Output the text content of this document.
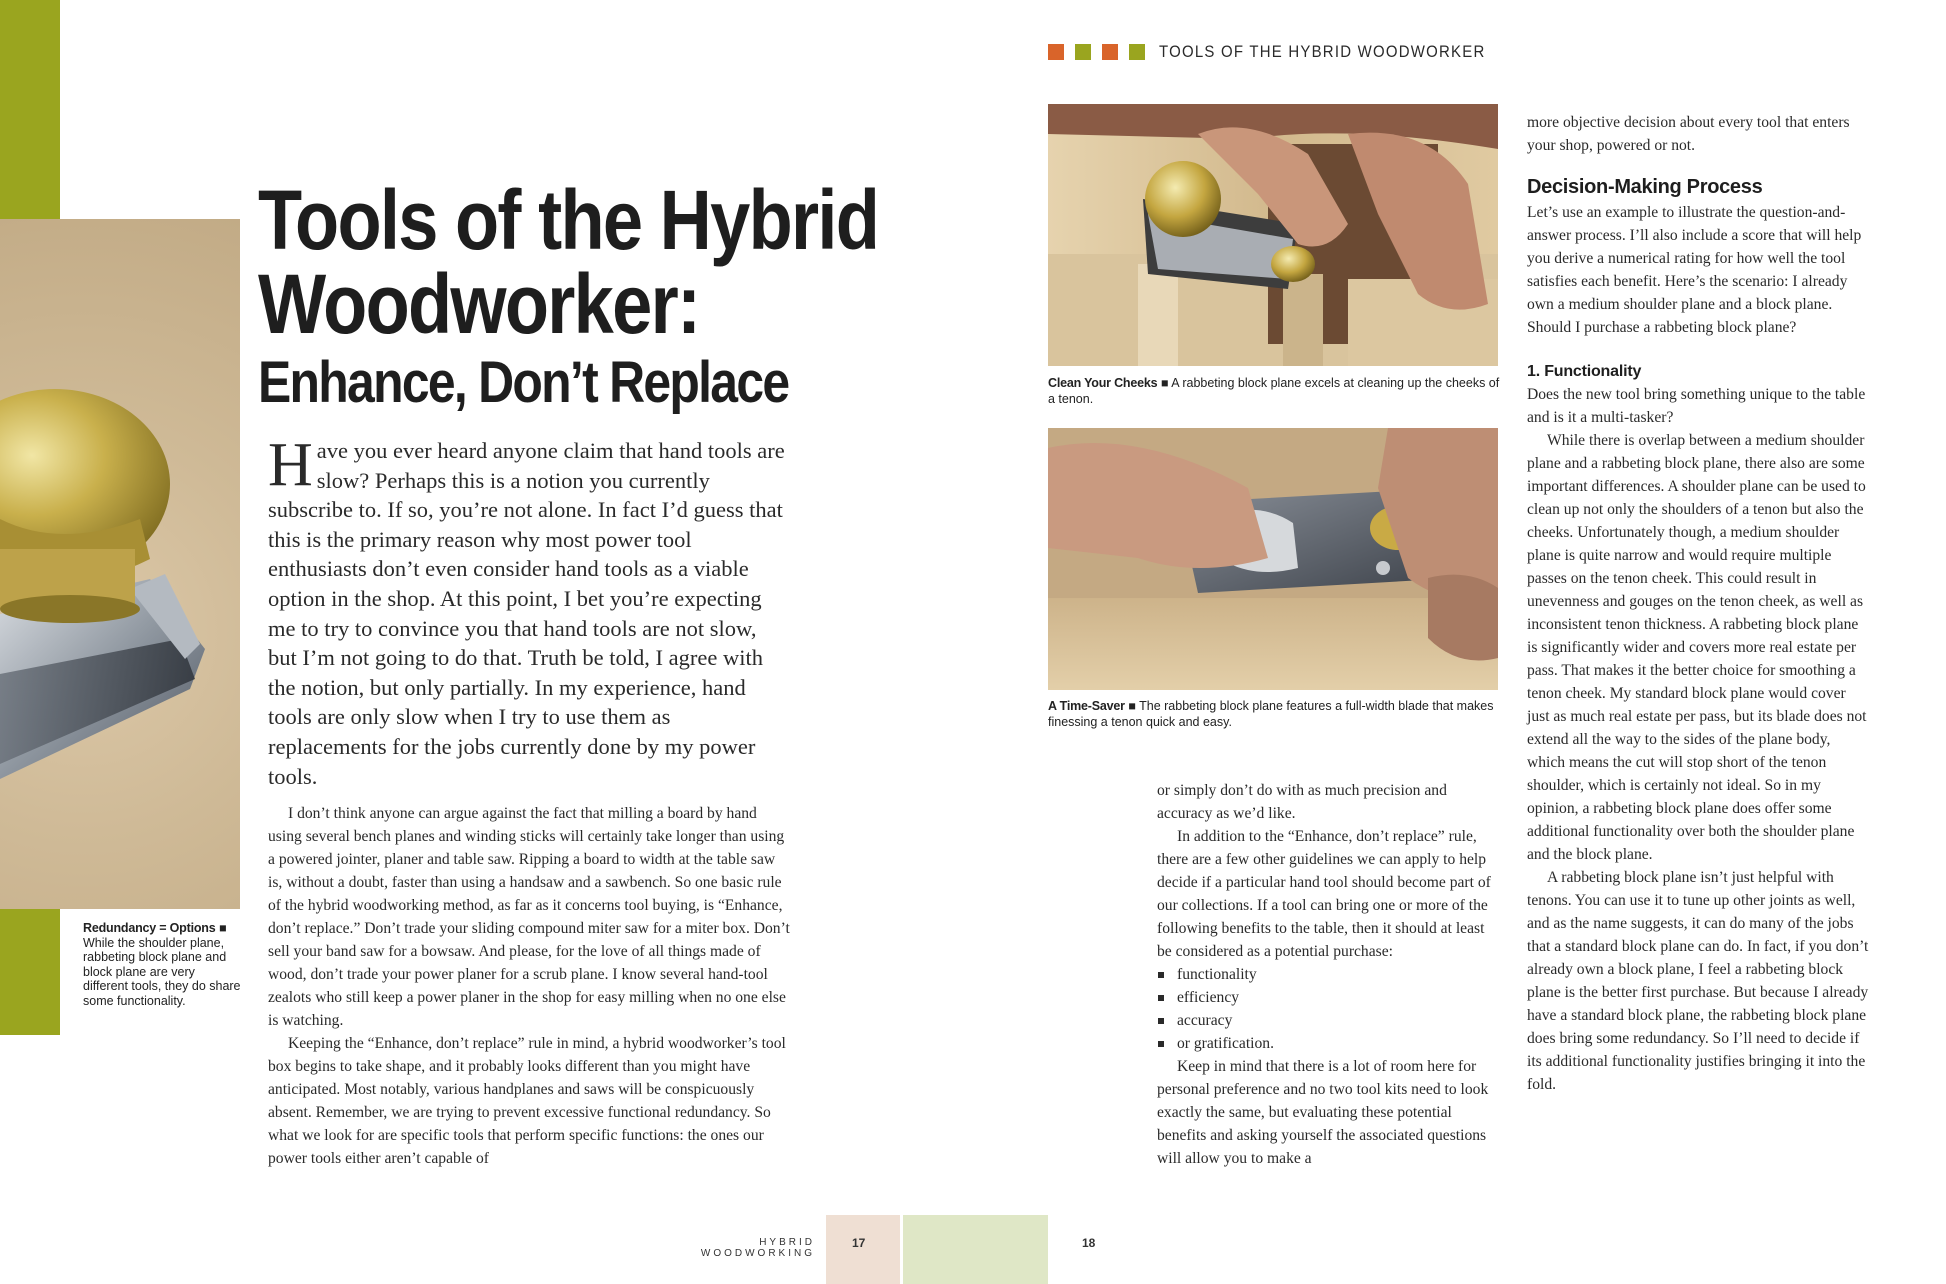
Redundancy = Options ■
While the shoulder plane, rabbeting block plane and block plane are very different tools, they do share some functionality.
Tools of the Hybrid
Woodworker:
Enhance, Don’t Replace
Have you ever heard anyone claim that hand tools are slow? Perhaps this is a notion you currently subscribe to. If so, you’re not alone. In fact I’d guess that this is the primary reason why most power tool enthusiasts don’t even consider hand tools as a viable option in the shop. At this point, I bet you’re expecting me to try to convince you that hand tools are not slow, but I’m not going to do that. Truth be told, I agree with the notion, but only partially. In my experience, hand tools are only slow when I try to use them as replacements for the jobs currently done by my power tools.

I don’t think anyone can argue against the fact that milling a board by hand using several bench planes and winding sticks will certainly take longer than using a powered jointer, planer and table saw. Ripping a board to width at the table saw is, without a doubt, faster than using a handsaw and a sawbench. So one basic rule of the hybrid woodworking method, as far as it concerns tool buying, is “Enhance, don’t replace.” Don’t trade your sliding compound miter saw for a miter box. Don’t sell your band saw for a bowsaw. And please, for the love of all things made of wood, don’t trade your power planer for a scrub plane. I know several hand-tool zealots who still keep a power planer in the shop for easy milling when no one else is watching.

Keeping the “Enhance, don’t replace” rule in mind, a hybrid woodworker’s tool box begins to take shape, and it probably looks different than you might have anticipated. Most notably, various handplanes and saws will be conspicuously absent. Remember, we are trying to prevent excessive functional redundancy. So what we look for are specific tools that perform specific functions: the ones our power tools either aren’t capable of

HYBRID WOODWORKING
17	18
TOOLS OF THE HYBRID WOODWORKER
Clean Your Cheeks ■ A rabbeting block plane excels at cleaning up the cheeks of a tenon.
A Time-Saver ■ The rabbeting block plane features a full-width blade that makes finessing a tenon quick and easy.

or simply don’t do with as much precision and accuracy as we’d like.

In addition to the “Enhance, don’t replace” rule, there are a few other guidelines we can apply to help decide if a particular hand tool should become part of our collections. If a tool can bring one or more of the following benefits to the table, then it should at least be considered as a potential purchase:

functionality
efficiency
accuracy
or gratification.

Keep in mind that there is a lot of room here for personal preference and no two tool kits need to look exactly the same, but evaluating these potential benefits and asking yourself the associated questions will allow you to make a

more objective decision about every tool that enters your shop, powered or not.

Decision-Making Process

Let’s use an example to illustrate the question-and-answer process. I’ll also include a score that will help you derive a numerical rating for how well the tool satisfies each benefit. Here’s the scenario: I already own a medium shoulder plane and a block plane. Should I purchase a rabbeting block plane?

1. Functionality

Does the new tool bring something unique to the table and is it a multi-tasker?

While there is overlap between a medium shoulder plane and a rabbeting block plane, there also are some important differences. A shoulder plane can be used to clean up not only the shoulders of a tenon but also the cheeks. Unfortunately though, a medium shoulder plane is quite narrow and would require multiple passes on the tenon cheek. This could result in unevenness and gouges on the tenon cheek, as well as inconsistent tenon thickness. A rabbeting block plane is significantly wider and covers more real estate per pass. That makes it the better choice for smoothing a tenon cheek. My standard block plane would cover just as much real estate per pass, but its blade does not extend all the way to the sides of the plane body, which means the cut will stop short of the tenon shoulder, which is certainly not ideal. So in my opinion, a rabbeting block plane does offer some additional functionality over both the shoulder plane and the block plane.

A rabbeting block plane isn’t just helpful with tenons. You can use it to tune up other joints as well, and as the name suggests, it can do many of the jobs that a standard block plane can do. In fact, if you don’t already own a block plane, I feel a rabbeting block plane is the better first purchase. But because I already have a standard block plane, the rabbeting block plane does bring some redundancy. So I’ll need to decide if its additional functionality justifies bringing it into the fold.
